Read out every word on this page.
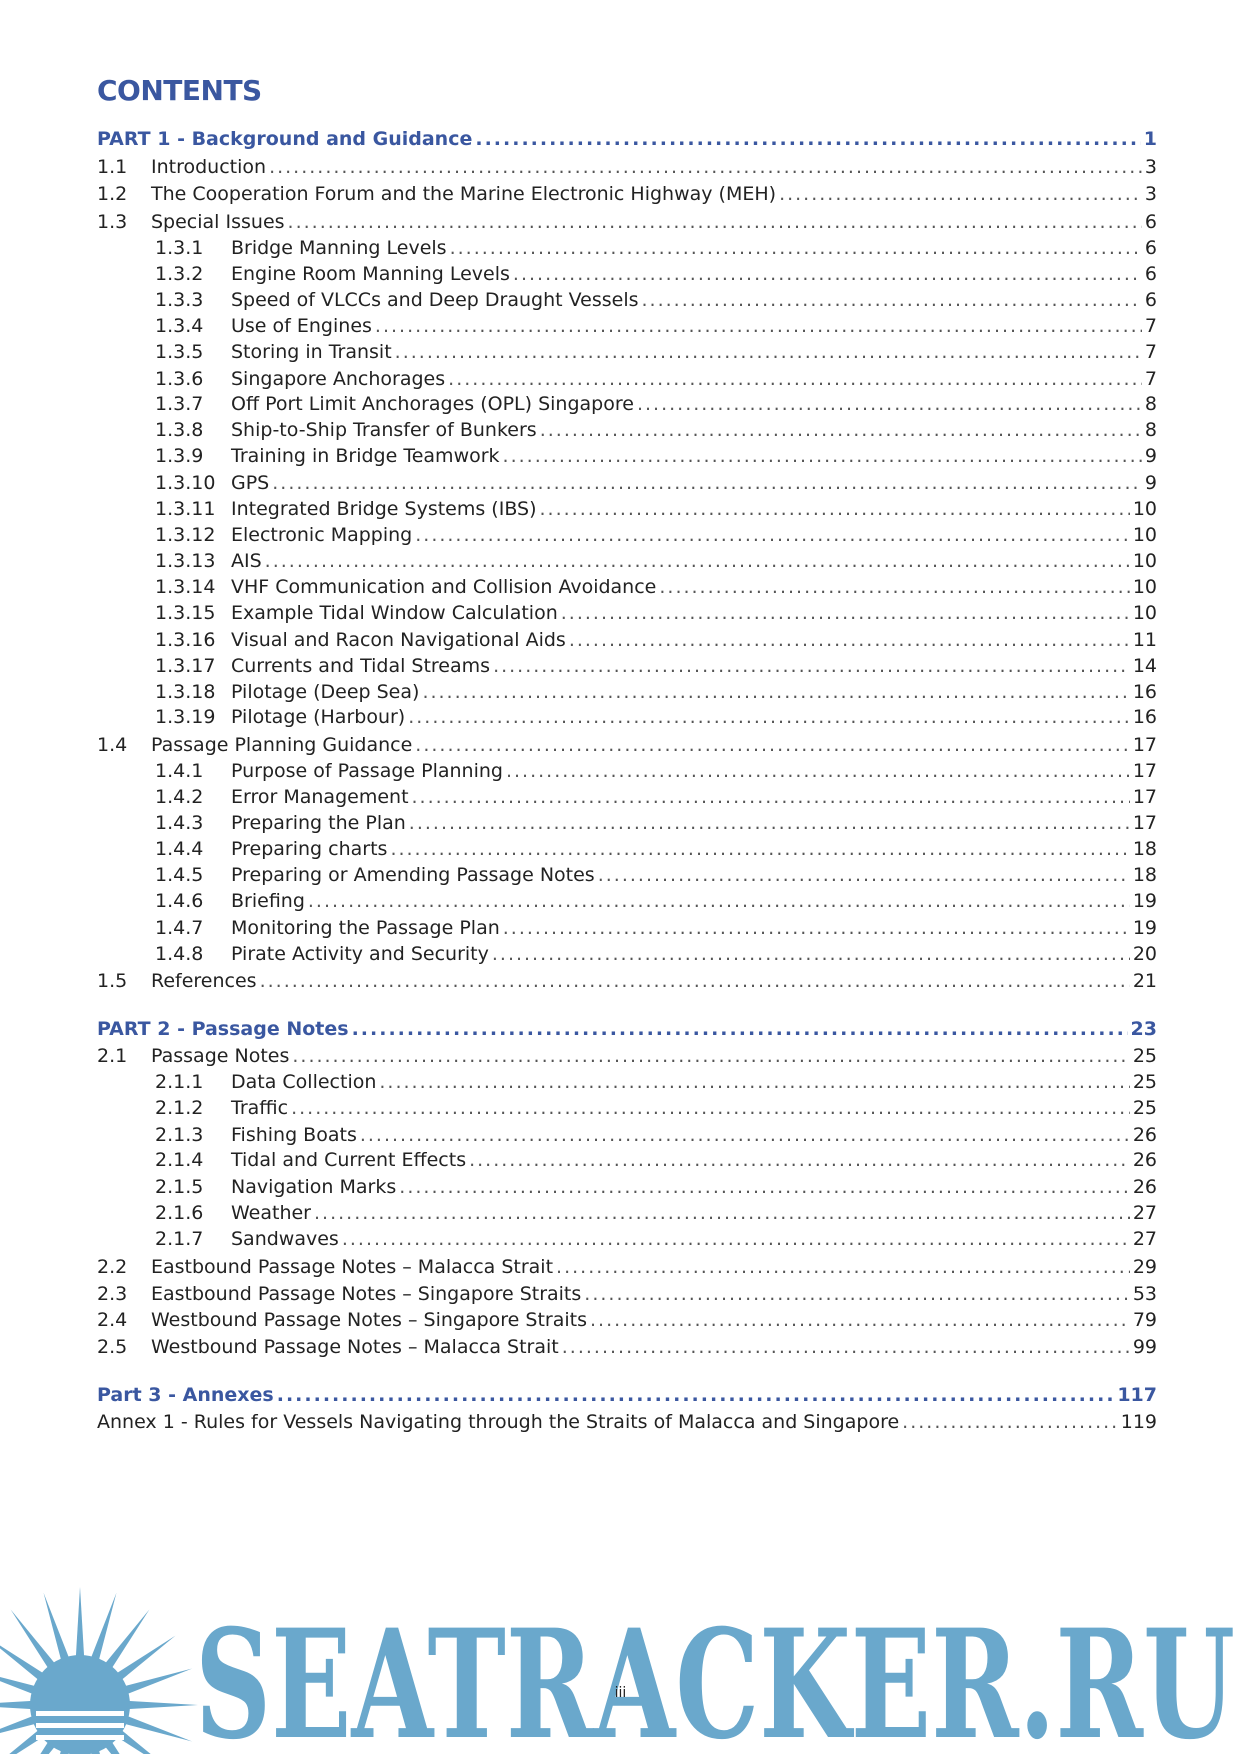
CONTENTS
PART 1 - Background and Guidance .....	1
1.1	Introduction .....	3
1.2	The Cooperation Forum and the Marine Electronic Highway (MEH) .....	3
1.3	Special Issues .....	6
1.3.1	Bridge Manning Levels .....	6
1.3.2	Engine Room Manning Levels .....	6
1.3.3	Speed of VLCCs and Deep Draught Vessels .....	6
1.3.4	Use of Engines .....	7
1.3.5	Storing in Transit .....	7
1.3.6	Singapore Anchorages .....	7
1.3.7	Off Port Limit Anchorages (OPL) Singapore .....	8
1.3.8	Ship-to-Ship Transfer of Bunkers .....	8
1.3.9	Training in Bridge Teamwork .....	9
1.3.10 GPS .....	9
1.3.11 Integrated Bridge Systems (IBS) .....	10
1.3.12 Electronic Mapping .....	10
1.3.13 AIS .....	10
1.3.14 VHF Communication and Collision Avoidance .....	10
1.3.15 Example Tidal Window Calculation .....	10
1.3.16 Visual and Racon Navigational Aids .....	11
1.3.17 Currents and Tidal Streams .....	14
1.3.18 Pilotage (Deep Sea) .....	16
1.3.19 Pilotage (Harbour) .....	16
1.4	Passage Planning Guidance .....	17
1.4.1	Purpose of Passage Planning .....	17
1.4.2	Error Management .....	17
1.4.3	Preparing the Plan .....	17
1.4.4	Preparing charts .....	18
1.4.5	Preparing or Amending Passage Notes .....	18
1.4.6	Briefing .....	19
1.4.7	Monitoring the Passage Plan .....	19
1.4.8	Pirate Activity and Security .....	20
1.5	References .....	21
PART 2 - Passage Notes .....	23
2.1	Passage Notes .....	25
2.1.1	Data Collection .....	25
2.1.2	Traffic .....	25
2.1.3	Fishing Boats .....	26
2.1.4	Tidal and Current Effects .....	26
2.1.5	Navigation Marks .....	26
2.1.6	Weather .....	27
2.1.7	Sandwaves .....	27
2.2	Eastbound Passage Notes – Malacca Strait .....	29
2.3	Eastbound Passage Notes – Singapore Straits .....	53
2.4	Westbound Passage Notes – Singapore Straits .....	79
2.5	Westbound Passage Notes – Malacca Strait .....	99
Part 3 - Annexes .....	117
Annex 1 - Rules for Vessels Navigating through the Straits of Malacca and Singapore .....	119
SEATRACKER.RU
iii
